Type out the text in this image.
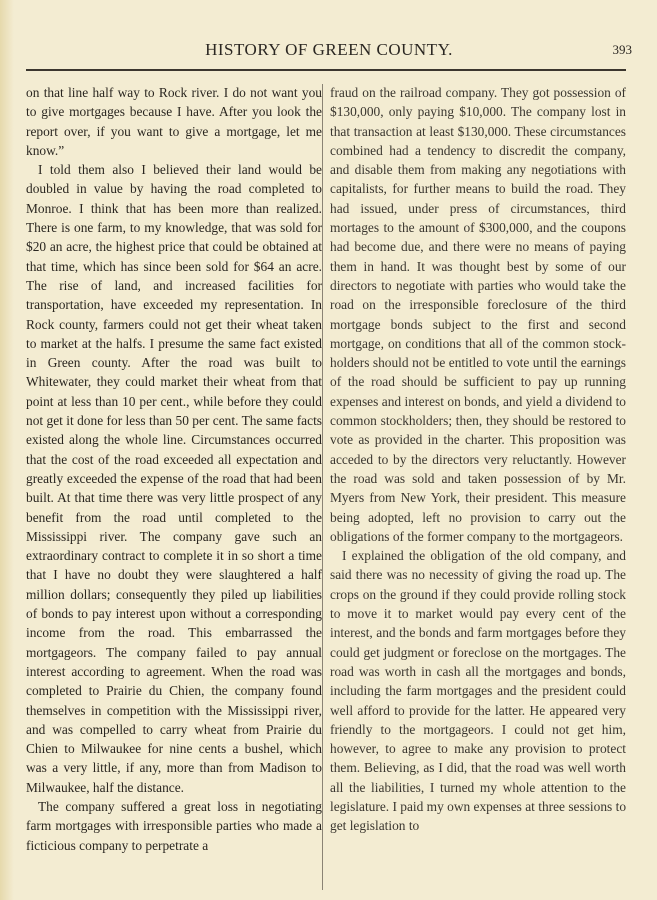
HISTORY OF GREEN COUNTY.	393

on that line half way to Rock river. I do not want you to give mortgages because I have. After you look the report over, if you want to give a mortgage, let me know.”

I told them also I believed their land would be doubled in value by having the road completed to Monroe. I think that has been more than realized. There is one farm, to my knowledge, that was sold for $20 an acre, the highest price that could be obtained at that time, which has since been sold for $64 an acre. The rise of land, and increased facilities for transportation, have exceeded my representation. In Rock county, farmers could not get their wheat taken to market at the halfs. I presume the same fact existed in Green county. After the road was built to Whitewater, they could market their wheat from that point at less than 10 per cent., while before they could not get it done for less than 50 per cent. The same facts existed along the whole line. Circumstances occurred that the cost of the road exceeded all expectation and greatly exceeded the expense of the road that had been built. At that time there was very little prospect of any benefit from the road until completed to the Mississippi river. The company gave such an extraordinary contract to complete it in so short a time that I have no doubt they were slaughtered a half million dollars; consequently they piled up liabilities of bonds to pay interest upon without a corresponding income from the road. This embarrassed the mortgageors. The company failed to pay annual interest according to agreement. When the road was completed to Prairie du Chien, the company found themselves in competition with the Mississippi river, and was compelled to carry wheat from Prairie du Chien to Milwaukee for nine cents a bushel, which was a very little, if any, more than from Madison to Milwaukee, half the distance.

The company suffered a great loss in negotiating farm mortgages with irresponsible parties who made a ficticious company to perpetrate a

fraud on the railroad company. They got possession of $130,000, only paying $10,000. The company lost in that transaction at least $130,000. These circumstances combined had a tendency to discredit the company, and disable them from making any negotiations with capitalists, for further means to build the road. They had issued, under press of circumstances, third mortages to the amount of $300,000, and the coupons had become due, and there were no means of paying them in hand. It was thought best by some of our directors to negotiate with parties who would take the road on the irresponsible foreclosure of the third mortgage bonds subject to the first and second mortgage, on conditions that all of the common stock-holders should not be entitled to vote until the earnings of the road should be sufficient to pay up running expenses and interest on bonds, and yield a dividend to common stockholders; then, they should be restored to vote as provided in the charter. This proposition was acceded to by the directors very reluctantly. However the road was sold and taken possession of by Mr. Myers from New York, their president. This measure being adopted, left no provision to carry out the obligations of the former company to the mortgageors.

I explained the obligation of the old company, and said there was no necessity of giving the road up. The crops on the ground if they could provide rolling stock to move it to market would pay every cent of the interest, and the bonds and farm mortgages before they could get judgment or foreclose on the mortgages. The road was worth in cash all the mortgages and bonds, including the farm mortgages and the president could well afford to provide for the latter. He appeared very friendly to the mortgageors. I could not get him, however, to agree to make any provision to protect them. Believing, as I did, that the road was well worth all the liabilities, I turned my whole attention to the legislature. I paid my own expenses at three sessions to get legislation to
